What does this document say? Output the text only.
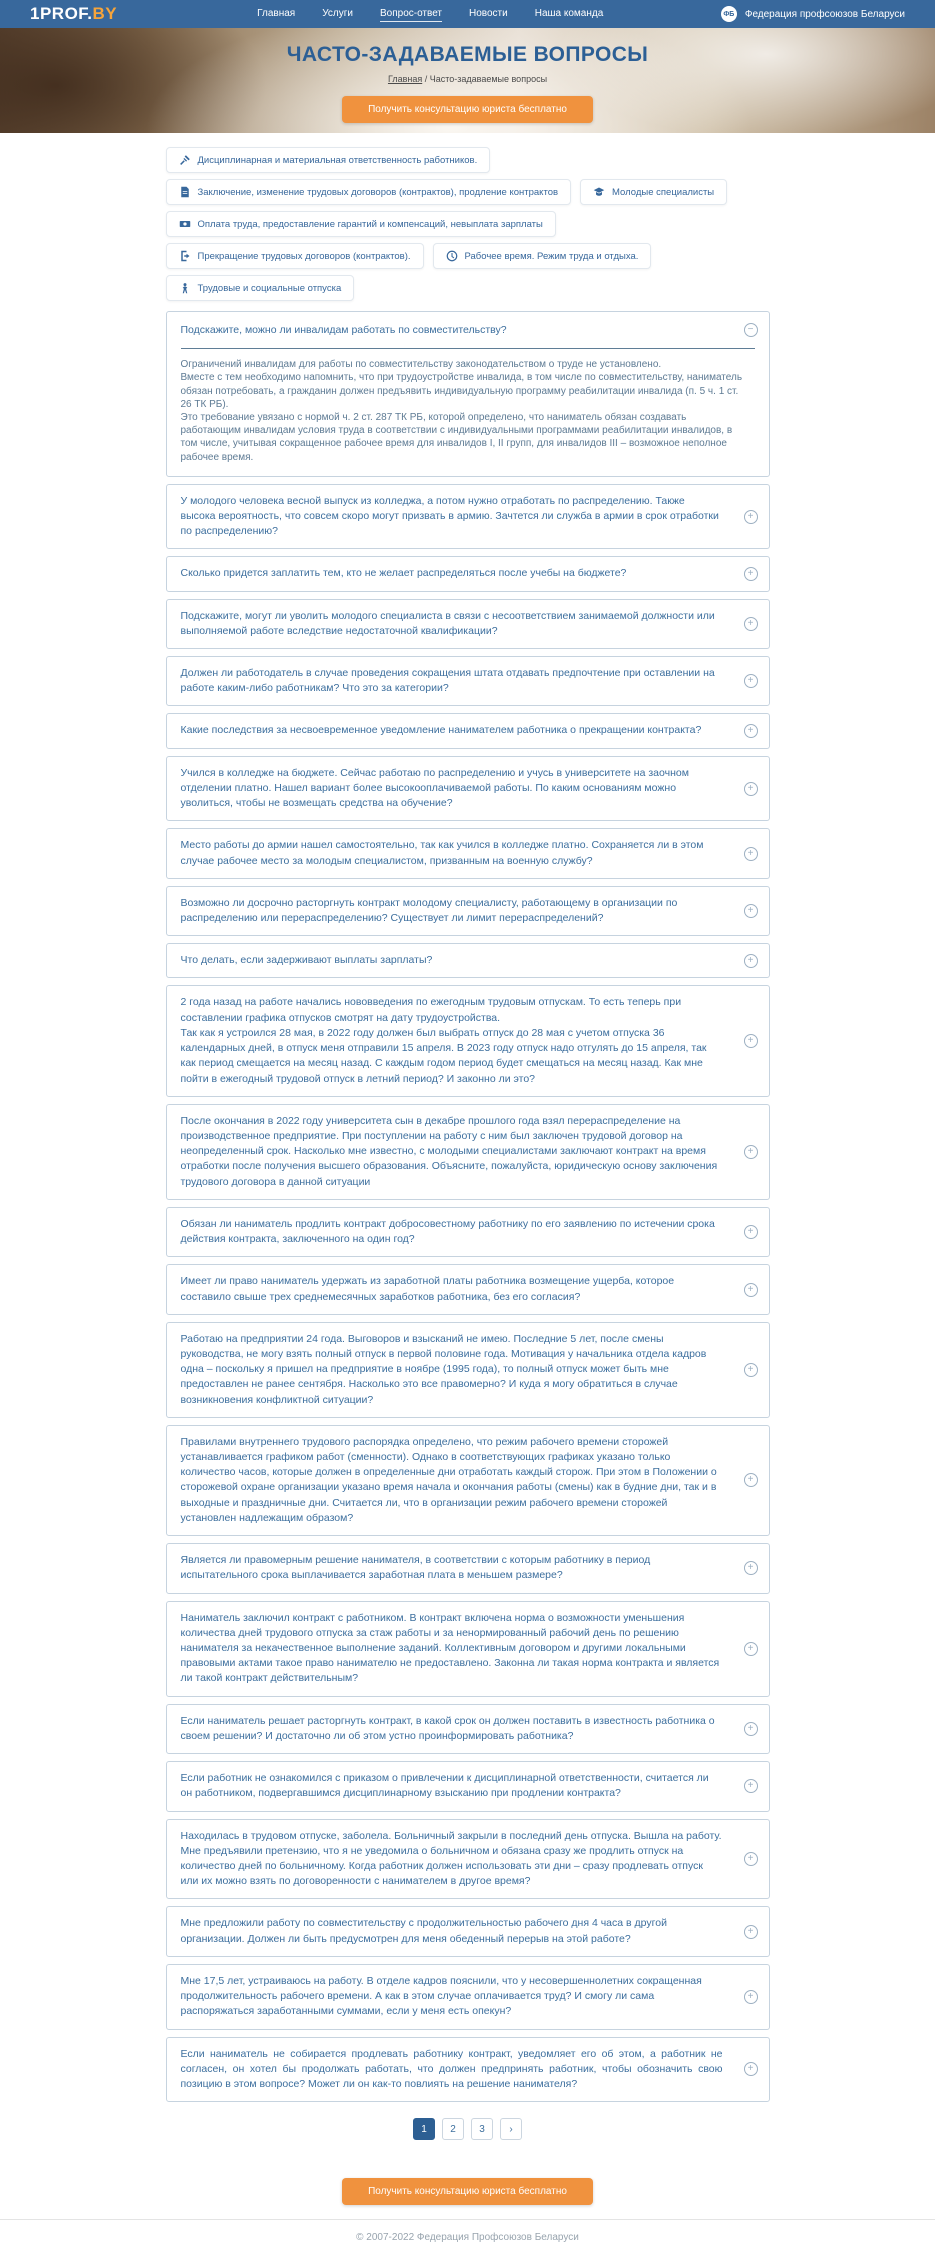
1PROF.BY	Главная	Услуги	Вопрос-ответ	Новости	Наша команда	ФБ Федерация профсоюзов Беларуси
ЧАСТО-ЗАДАВАЕМЫЕ ВОПРОСЫ
Главная / Часто-задаваемые вопросы
Получить консультацию юриста бесплатно
Дисциплинарная и материальная ответственность работников.
Заключение, изменение трудовых договоров (контрактов), продление контрактов	Молодые специалисты
Оплата труда, предоставление гарантий и компенсаций, невыплата зарплаты
Прекращение трудовых договоров (контрактов).	Рабочее время. Режим труда и отдыха.
Трудовые и социальные отпуска
Подскажите, можно ли инвалидам работать по совместительству?
Ограничений инвалидам для работы по совместительству законодательством о труде не установлено.
Вместе с тем необходимо напомнить, что при трудоустройстве инвалида, в том числе по совместительству, наниматель обязан потребовать, а гражданин должен предъявить индивидуальную программу реабилитации инвалида (п. 5 ч. 1 ст. 26 ТК РБ).
Это требование увязано с нормой ч. 2 ст. 287 ТК РБ, которой определено, что наниматель обязан создавать работающим инвалидам условия труда в соответствии с индивидуальными программами реабилитации инвалидов, в том числе, учитывая сокращенное рабочее время для инвалидов I, II групп, для инвалидов III – возможное неполное рабочее время.
−
У молодого человека весной выпуск из колледжа, а потом нужно отработать по распределению. Также высока вероятность, что совсем скоро могут призвать в армию. Зачтется ли служба в армии в срок отработки по распределению?
+
Сколько придется заплатить тем, кто не желает распределяться после учебы на бюджете?	+
Подскажите, могут ли уволить молодого специалиста в связи с несоответствием занимаемой должности или выполняемой работе вследствие недостаточной квалификации?
+
Должен ли работодатель в случае проведения сокращения штата отдавать предпочтение при оставлении на работе каким-либо работникам? Что это за категории?
+
Какие последствия за несвоевременное уведомление нанимателем работника о прекращении контракта?	+
Учился в колледже на бюджете. Сейчас работаю по распределению и учусь в университете на заочном отделении платно. Нашел вариант более высокооплачиваемой работы. По каким основаниям можно уволиться, чтобы не возмещать средства на обучение?
+
Место работы до армии нашел самостоятельно, так как учился в колледже платно. Сохраняется ли в этом случае рабочее место за молодым специалистом, призванным на военную службу?
+
Возможно ли досрочно расторгнуть контракт молодому специалисту, работающему в организации по распределению или перераспределению? Существует ли лимит перераспределений?
+
Что делать, если задерживают выплаты зарплаты?	+
2 года назад на работе начались нововведения по ежегодным трудовым отпускам. То есть теперь при составлении графика отпусков смотрят на дату трудоустройства.
Так как я устроился 28 мая, в 2022 году должен был выбрать отпуск до 28 мая с учетом отпуска 36 календарных дней, в отпуск меня отправили 15 апреля. В 2023 году отпуск надо отгулять до 15 апреля, так как период смещается на месяц назад. С каждым годом период будет смещаться на месяц назад. Как мне пойти в ежегодный трудовой отпуск в летний период? И законно ли это?
+
После окончания в 2022 году университета сын в декабре прошлого года взял перераспределение на производственное предприятие. При поступлении на работу с ним был заключен трудовой договор на неопределенный срок. Насколько мне известно, с молодыми специалистами заключают контракт на время отработки после получения высшего образования. Объясните, пожалуйста, юридическую основу заключения трудового договора в данной ситуации
+
Обязан ли наниматель продлить контракт добросовестному работнику по его заявлению по истечении срока действия контракта, заключенного на один год?
+
Имеет ли право наниматель удержать из заработной платы работника возмещение ущерба, которое составило свыше трех среднемесячных заработков работника, без его согласия?
+
Работаю на предприятии 24 года. Выговоров и взысканий не имею. Последние 5 лет, после смены руководства, не могу взять полный отпуск в первой половине года. Мотивация у начальника отдела кадров одна – поскольку я пришел на предприятие в ноябре (1995 года), то полный отпуск может быть мне предоставлен не ранее сентября. Насколько это все правомерно? И куда я могу обратиться в случае возникновения конфликтной ситуации?
+
Правилами внутреннего трудового распорядка определено, что режим рабочего времени сторожей устанавливается графиком работ (сменности). Однако в соответствующих графиках указано только количество часов, которые должен в определенные дни отработать каждый сторож. При этом в Положении о сторожевой охране организации указано время начала и окончания работы (смены) как в будние дни, так и в выходные и праздничные дни. Считается ли, что в организации режим рабочего времени сторожей установлен надлежащим образом?
+
Является ли правомерным решение нанимателя, в соответствии с которым работнику в период испытательного срока выплачивается заработная плата в меньшем размере?
+
Наниматель заключил контракт с работником. В контракт включена норма о возможности уменьшения количества дней трудового отпуска за стаж работы и за ненормированный рабочий день по решению нанимателя за некачественное выполнение заданий. Коллективным договором и другими локальными правовыми актами такое право нанимателю не предоставлено. Законна ли такая норма контракта и является ли такой контракт действительным?
+
Если наниматель решает расторгнуть контракт, в какой срок он должен поставить в известность работника о своем решении? И достаточно ли об этом устно проинформировать работника?
+
Если работник не ознакомился с приказом о привлечении к дисциплинарной ответственности, считается ли он работником, подвергавшимся дисциплинарному взысканию при продлении контракта?
+
Находилась в трудовом отпуске, заболела. Больничный закрыли в последний день отпуска. Вышла на работу. Мне предъявили претензию, что я не уведомила о больничном и обязана сразу же продлить отпуск на количество дней по больничному. Когда работник должен использовать эти дни – сразу продлевать отпуск или их можно взять по договоренности с нанимателем в другое время?
+
Мне предложили работу по совместительству с продолжительностью рабочего дня 4 часа в другой организации. Должен ли быть предусмотрен для меня обеденный перерыв на этой работе?
+
Мне 17,5 лет, устраиваюсь на работу. В отделе кадров пояснили, что у несовершеннолетних сокращенная продолжительность рабочего времени. А как в этом случае оплачивается труд? И смогу ли сама распоряжаться заработанными суммами, если у меня есть опекун?
+
Если наниматель не собирается продлевать работнику контракт, уведомляет его об этом, а работник не согласен, он хотел бы продолжать работать, что должен предпринять работник, чтобы обозначить свою позицию в этом вопросе? Может ли он как-то повлиять на решение нанимателя?
+
1	2	3	›
Получить консультацию юриста бесплатно
© 2007-2022 Федерация Профсоюзов Беларуси
